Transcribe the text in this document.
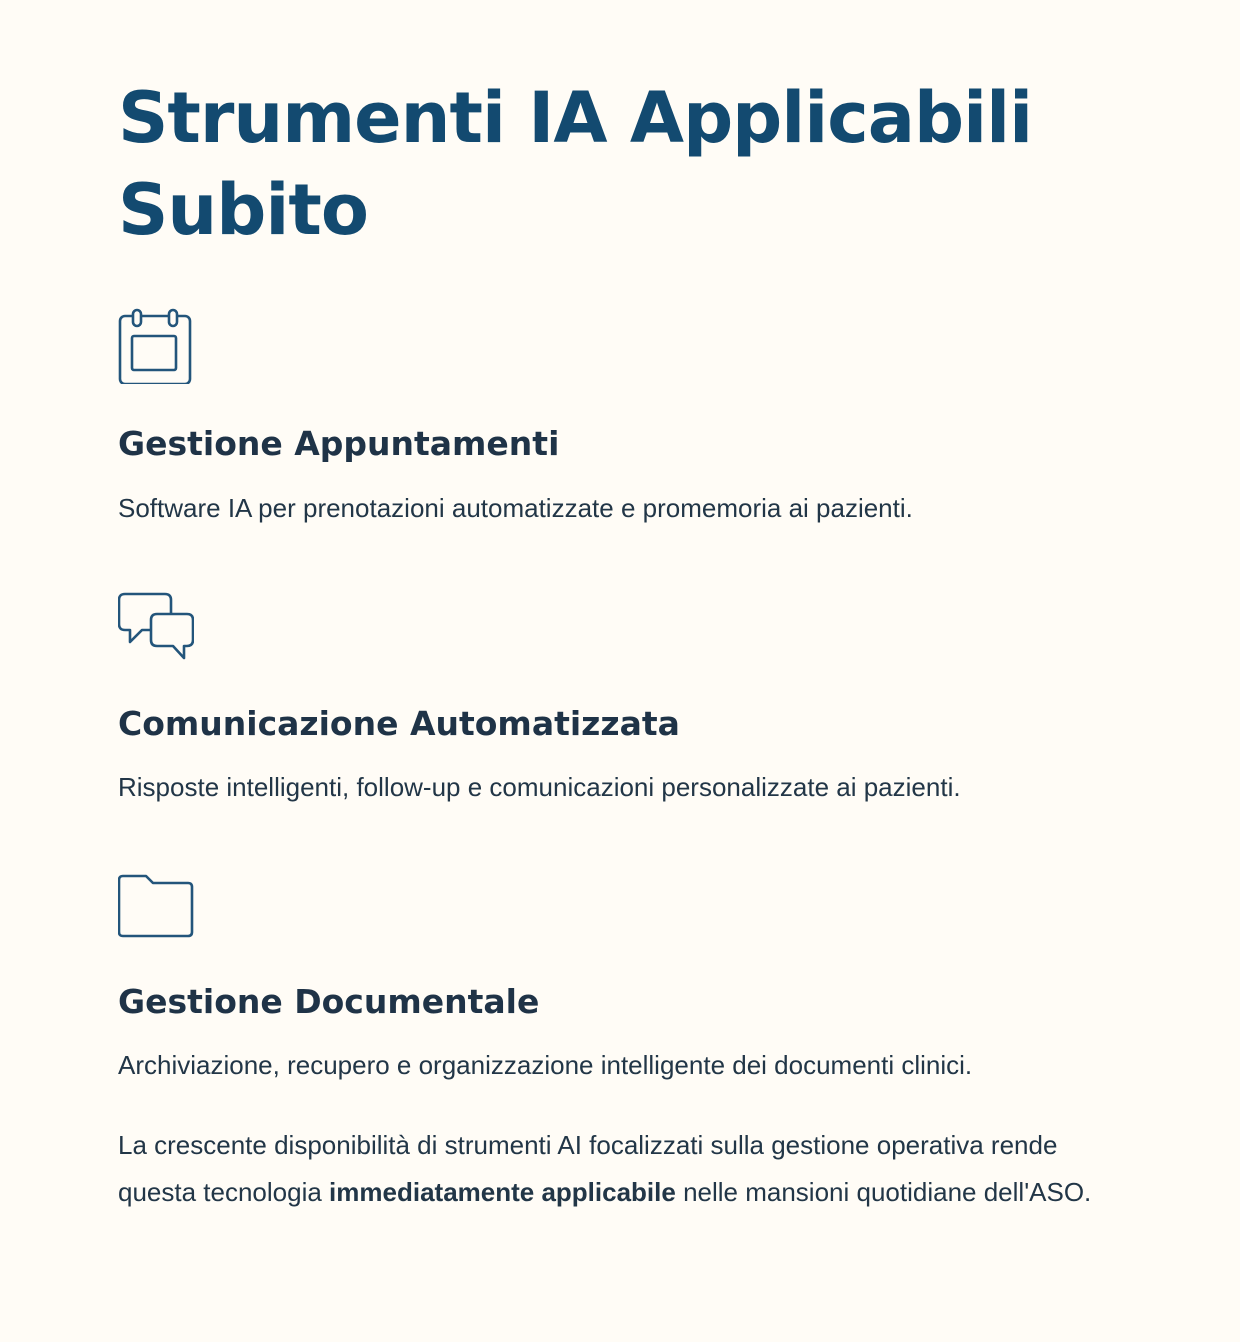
Strumenti IA Applicabili Subito
Gestione Appuntamenti

Software IA per prenotazioni automatizzate e promemoria ai pazienti.

Comunicazione Automatizzata

Risposte intelligenti, follow-up e comunicazioni personalizzate ai pazienti.

Gestione Documentale

Archiviazione, recupero e organizzazione intelligente dei documenti clinici.

La crescente disponibilità di strumenti AI focalizzati sulla gestione operativa rende questa tecnologia immediatamente applicabile nelle mansioni quotidiane dell'ASO.
